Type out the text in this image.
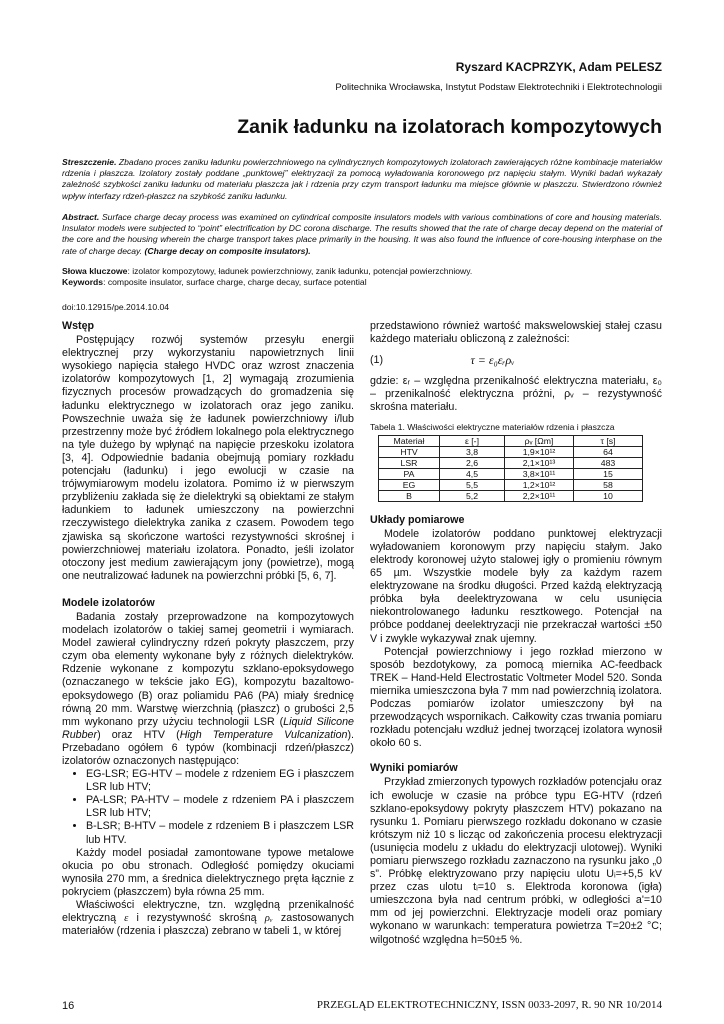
Ryszard KACPRZYK, Adam PELESZ
Politechnika Wrocławska, Instytut Podstaw Elektrotechniki i Elektrotechnologii
Zanik ładunku na izolatorach kompozytowych

Streszczenie. Zbadano proces zaniku ładunku powierzchniowego na cylindrycznych kompozytowych izolatorach zawierających różne kombinacje materiałów rdzenia i płaszcza. Izolatory zostały poddane „punktowej” elektryzacji za pomocą wyładowania koronowego prz napięciu stałym. Wyniki badań wykazały zależność szybkości zaniku ładunku od materiału płaszcza jak i rdzenia przy czym transport ładunku ma miejsce głównie w płaszczu. Stwierdzono również wpływ interfazy rdzeń-płaszcz na szybkość zaniku ładunku.

Abstract. Surface charge decay process was examined on cylindrical composite insulators models with various combinations of core and housing materials. Insulator models were subjected to “point” electrification by DC corona discharge. The results showed that the rate of charge decay depend on the material of the core and the housing wherein the charge transport takes place primarily in the housing. It was also found the influence of core-housing interphase on the rate of charge decay. (Charge decay on composite insulators).

Słowa kluczowe: izolator kompozytowy, ładunek powierzchniowy, zanik ładunku, potencjał powierzchniowy.

Keywords: composite insulator, surface charge, charge decay, surface potential

doi:10.12915/pe.2014.10.04
Wstęp

Postępujący rozwój systemów przesyłu energii elektrycznej przy wykorzystaniu napowietrznych linii wysokiego napięcia stałego HVDC oraz wzrost znaczenia izolatorów kompozytowych [1, 2] wymagają zrozumienia fizycznych procesów prowadzących do gromadzenia się ładunku elektrycznego w izolatorach oraz jego zaniku. Powszechnie uważa się że ładunek powierzchniowy i/lub przestrzenny może być źródłem lokalnego pola elektrycznego na tyle dużego by wpłynąć na napięcie przeskoku izolatora [3, 4]. Odpowiednie badania obejmują pomiary rozkładu potencjału (ładunku) i jego ewolucji w czasie na trójwymiarowym modelu izolatora. Pomimo iż w pierwszym przybliżeniu zakłada się że dielektryki są obiektami ze stałym ładunkiem to ładunek umieszczony na powierzchni rzeczywistego dielektryka zanika z czasem. Powodem tego zjawiska są skończone wartości rezystywności skrośnej i powierzchniowej materiału izolatora. Ponadto, jeśli izolator otoczony jest medium zawierającym jony (powietrze), mogą one neutralizować ładunek na powierzchni próbki [5, 6, 7].

Modele izolatorów

Badania zostały przeprowadzone na kompozytowych modelach izolatorów o takiej samej geometrii i wymiarach. Model zawierał cylindryczny rdzeń pokryty płaszczem, przy czym oba elementy wykonane były z różnych dielektryków. Rdzenie wykonane z kompozytu szklano-epoksydowego (oznaczanego w tekście jako EG), kompozytu bazaltowo-epoksydowego (B) oraz poliamidu PA6 (PA) miały średnicę równą 20 mm. Warstwę wierzchnią (płaszcz) o grubości 2,5 mm wykonano przy użyciu technologii LSR (Liquid Silicone Rubber) oraz HTV (High Temperature Vulcanization). Przebadano ogółem 6 typów (kombinacji rdzeń/płaszcz) izolatorów oznaczonych następująco:

• EG-LSR; EG-HTV – modele z rdzeniem EG i płaszczem LSR lub HTV;
• PA-LSR; PA-HTV – modele z rdzeniem PA i płaszczem LSR lub HTV;
• B-LSR; B-HTV – modele z rdzeniem B i płaszczem LSR lub HTV.

Każdy model posiadał zamontowane typowe metalowe okucia po obu stronach. Odległość pomiędzy okuciami wynosiła 270 mm, a średnica dielektrycznego pręta łącznie z pokryciem (płaszczem) była równa 25 mm.

Właściwości elektryczne, tzn. względną przenikalność elektryczną ε i rezystywność skrośną ρᵥ zastosowanych materiałów (rdzenia i płaszcza) zebrano w tabeli 1, w której

przedstawiono również wartość makswelowskiej stałej czasu każdego materiału obliczoną z zależności:

(1)	τ = ε₀εᵣρᵥ

gdzie: εᵣ – względna przenikalność elektryczna materiału, ε₀ – przenikalność elektryczna próżni, ρᵥ – rezystywność skrośna materiału.

Tabela 1. Właściwości elektryczne materiałów rdzenia i płaszcza
Materiał	ε [-]	ρᵥ [Ωm]	τ [s]
HTV	3,8	1,9×10¹²	64
LSR	2,6	2,1×10¹³	483
PA	4,5	3,8×10¹¹	15
EG	5,5	1,2×10¹²	58
B	5,2	2,2×10¹¹	10
Układy pomiarowe

Modele izolatorów poddano punktowej elektryzacji wyładowaniem koronowym przy napięciu stałym. Jako elektrody koronowej użyto stalowej igły o promieniu równym 65 µm. Wszystkie modele były za każdym razem elektryzowane na środku długości. Przed każdą elektryzacją próbka była deelektryzowana w celu usunięcia niekontrolowanego ładunku resztkowego. Potencjał na próbce poddanej deelektryzacji nie przekraczał wartości ±50 V i zwykle wykazywał znak ujemny.

Potencjał powierzchniowy i jego rozkład mierzono w sposób bezdotykowy, za pomocą miernika AC-feedback TREK – Hand-Held Electrostatic Voltmeter Model 520. Sonda miernika umieszczona była 7 mm nad powierzchnią izolatora. Podczas pomiarów izolator umieszczony był na przewodzących wspornikach. Całkowity czas trwania pomiaru rozkładu potencjału wzdłuż jednej tworzącej izolatora wynosił około 60 s.

Wyniki pomiarów

Przykład zmierzonych typowych rozkładów potencjału oraz ich ewolucje w czasie na próbce typu EG-HTV (rdzeń szklano-epoksydowy pokryty płaszczem HTV) pokazano na rysunku 1. Pomiaru pierwszego rozkładu dokonano w czasie krótszym niż 10 s licząc od zakończenia procesu elektryzacji (usunięcia modelu z układu do elektryzacji ulotowej). Wyniki pomiaru pierwszego rozkładu zaznaczono na rysunku jako „0 s”. Próbkę elektryzowano przy napięciu ulotu Uᵢ=+5,5 kV przez czas ulotu tᵢ=10 s. Elektroda koronowa (igła) umieszczona była nad centrum próbki, w odległości a'=10 mm od jej powierzchni. Elektryzacje modeli oraz pomiary wykonano w warunkach: temperatura powietrza T=20±2 °C; wilgotność względna h=50±5 %.

16	PRZEGLĄD ELEKTROTECHNICZNY, ISSN 0033-2097, R. 90 NR 10/2014
